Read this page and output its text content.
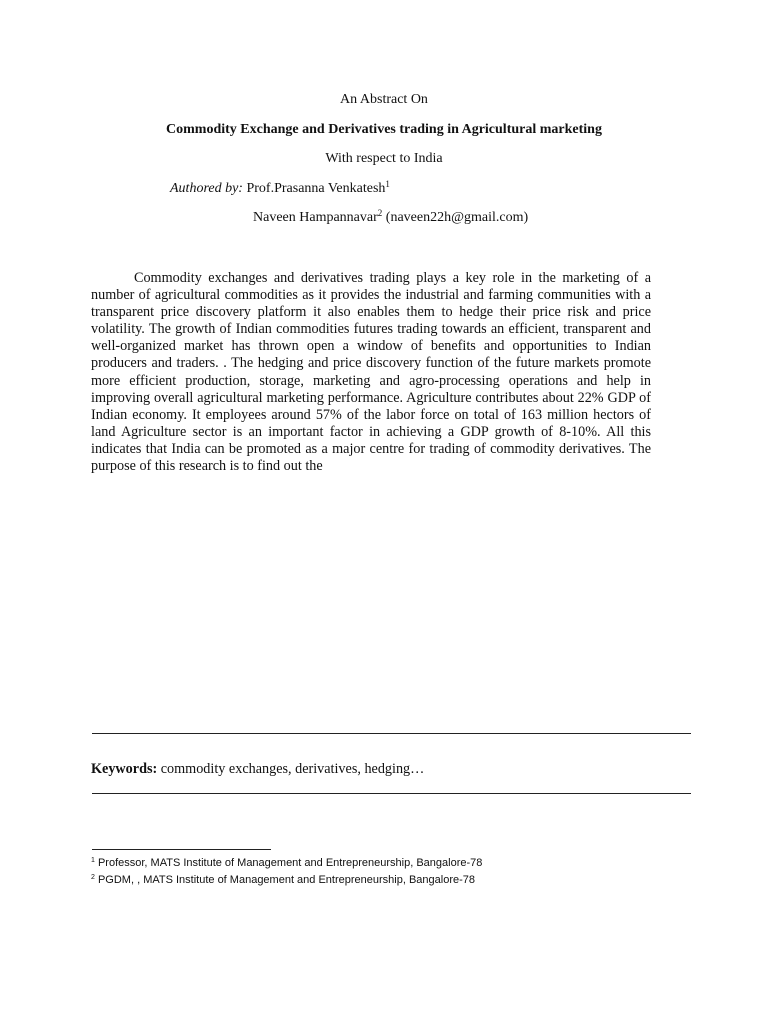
An Abstract On
Commodity Exchange and Derivatives trading in Agricultural marketing
With respect to India
Authored by: Prof.Prasanna Venkatesh$^1$
Naveen Hampannavar$^2$ (naveen22h@gmail.com)

Commodity exchanges and derivatives trading plays a key role in the marketing of a number of agricultural commodities as it provides the industrial and farming communities with a transparent price discovery platform it also enables them to hedge their price risk and price volatility. The growth of Indian commodities futures trading towards an efficient, transparent and well-organized market has thrown open a window of benefits and opportunities to Indian producers and traders. . The hedging and price discovery function of the future markets promote more efficient production, storage, marketing and agro-processing operations and help in improving overall agricultural marketing performance. Agriculture contributes about 22% GDP of Indian economy. It employees around 57% of the labor force on total of 163 million hectors of land Agriculture sector is an important factor in achieving a GDP growth of 8-10%. All this indicates that India can be promoted as a major centre for trading of commodity derivatives. The purpose of this research is to find out the

Keywords: commodity exchanges, derivatives, hedging…
$^1$ Professor, MATS Institute of Management and Entrepreneurship, Bangalore-78
$^2$ PGDM, , MATS Institute of Management and Entrepreneurship, Bangalore-78
